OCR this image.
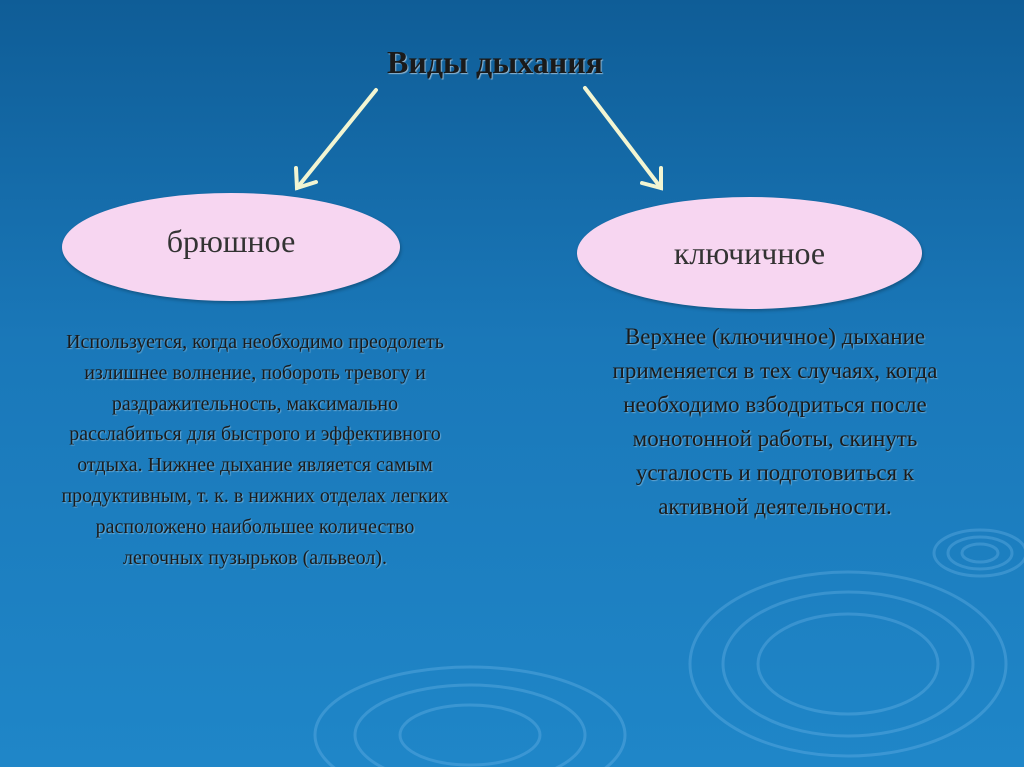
Виды дыхания
брюшное	ключичное
Используется, когда необходимо преодолеть излишнее волнение, побороть тревогу и раздражительность, максимально расслабиться для быстрого и эффективного отдыха. Нижнее дыхание является самым продуктивным, т. к. в нижних отделах легких расположено наибольшее количество легочных пузырьков (альвеол).
Верхнее (ключичное) дыхание применяется в тех случаях, когда необходимо взбодриться после монотонной работы, скинуть усталость и подготовиться к активной деятельности.
